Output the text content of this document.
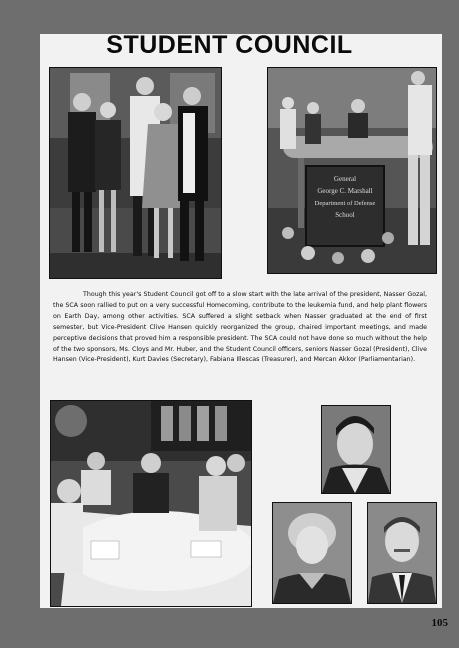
STUDENT COUNCIL
General
George C. Marshall
Department of Defense
School

Though this year's Student Council got off to a slow start with the late arrival of the president, Nasser Gozal, the SCA soon rallied to put on a very successful Homecoming, contribute to the leukemia fund, and help plant flowers on Earth Day, among other activities. SCA suffered a slight setback when Nasser graduated at the end of first semester, but Vice-President Clive Hansen quickly reorganized the group, chaired important meetings, and made perceptive decisions that proved him a responsible president. The SCA could not have done so much without the help of the two sponsors, Ms. Cloys and Mr. Huber, and the Student Council officers, seniors Nasser Gozal (President), Clive Hansen (Vice-President), Kurt Davies (Secretary), Fabiana Illescas (Treasurer), and Mercan Akkor (Parliamentarian).

105
